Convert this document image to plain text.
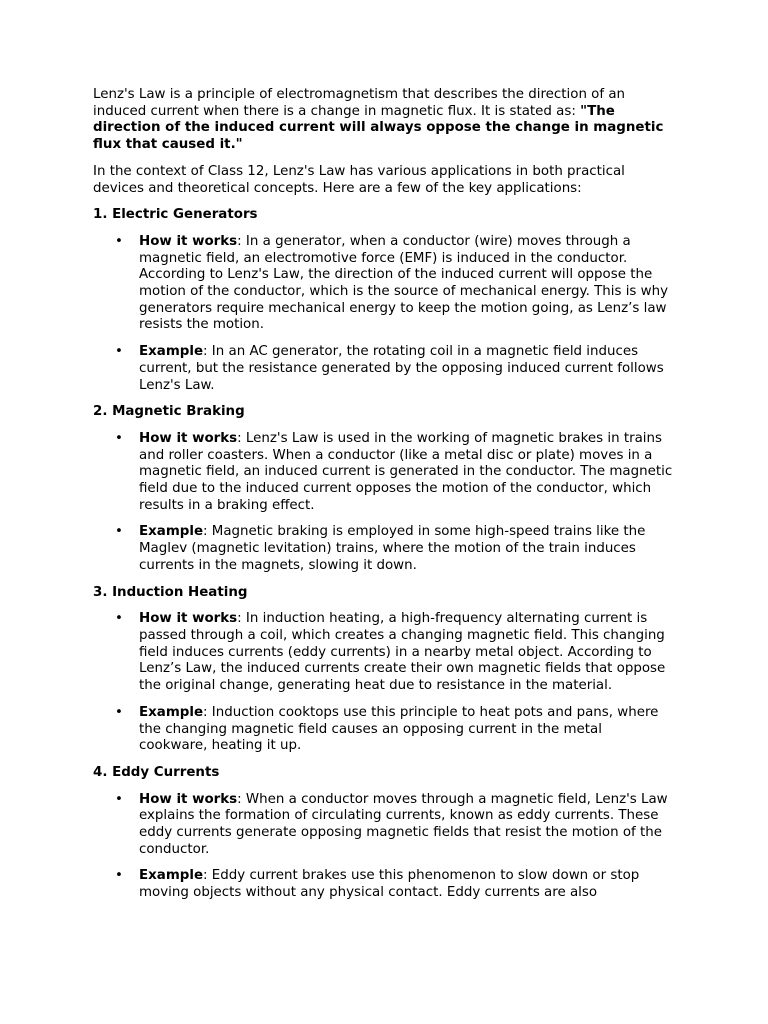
Lenz's Law is a principle of electromagnetism that describes the direction of an induced current when there is a change in magnetic flux. It is stated as: "The direction of the induced current will always oppose the change in magnetic flux that caused it."

In the context of Class 12, Lenz's Law has various applications in both practical devices and theoretical concepts. Here are a few of the key applications:

1. Electric Generators

• How it works: In a generator, when a conductor (wire) moves through a magnetic field, an electromotive force (EMF) is induced in the conductor. According to Lenz's Law, the direction of the induced current will oppose the motion of the conductor, which is the source of mechanical energy. This is why generators require mechanical energy to keep the motion going, as Lenz’s law resists the motion.
• Example: In an AC generator, the rotating coil in a magnetic field induces current, but the resistance generated by the opposing induced current follows Lenz's Law.

2. Magnetic Braking

• How it works: Lenz's Law is used in the working of magnetic brakes in trains and roller coasters. When a conductor (like a metal disc or plate) moves in a magnetic field, an induced current is generated in the conductor. The magnetic field due to the induced current opposes the motion of the conductor, which results in a braking effect.
• Example: Magnetic braking is employed in some high-speed trains like the Maglev (magnetic levitation) trains, where the motion of the train induces currents in the magnets, slowing it down.

3. Induction Heating

• How it works: In induction heating, a high-frequency alternating current is passed through a coil, which creates a changing magnetic field. This changing field induces currents (eddy currents) in a nearby metal object. According to Lenz’s Law, the induced currents create their own magnetic fields that oppose the original change, generating heat due to resistance in the material.
• Example: Induction cooktops use this principle to heat pots and pans, where the changing magnetic field causes an opposing current in the metal cookware, heating it up.

4. Eddy Currents

• How it works: When a conductor moves through a magnetic field, Lenz's Law explains the formation of circulating currents, known as eddy currents. These eddy currents generate opposing magnetic fields that resist the motion of the conductor.
• Example: Eddy current brakes use this phenomenon to slow down or stop moving objects without any physical contact. Eddy currents are also
